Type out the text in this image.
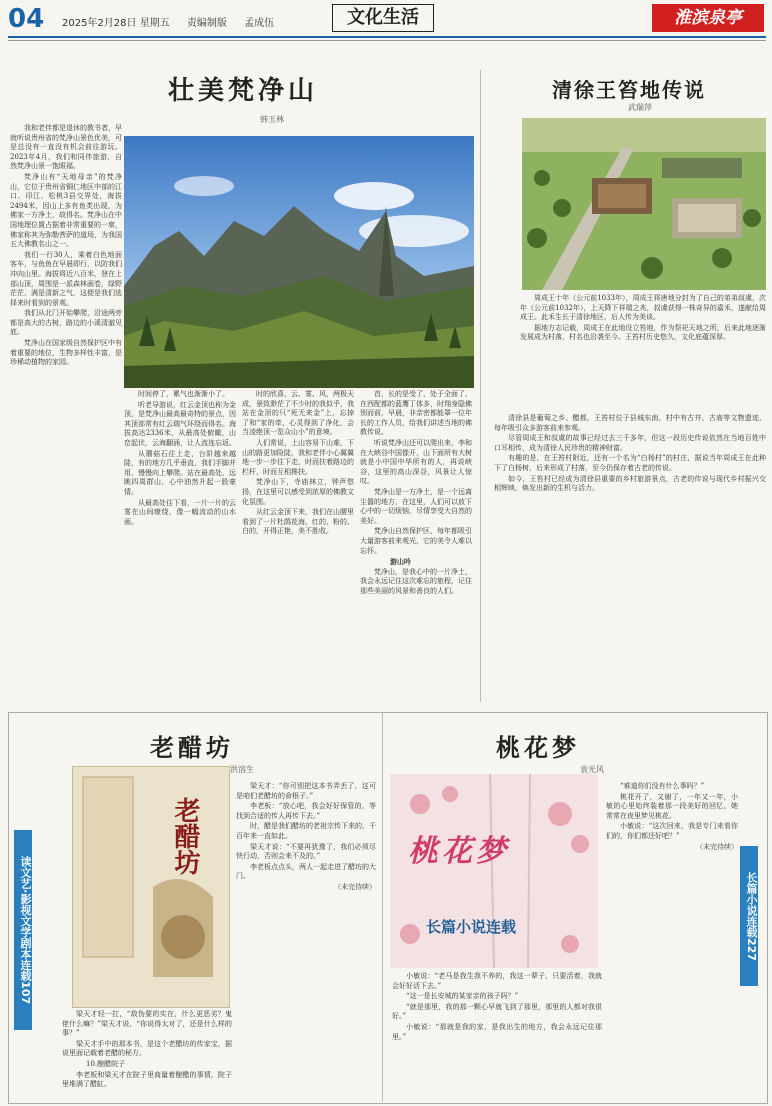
04 2025年2月28日 星期五 责编制版 孟成伍	文化生活	淮滨泉亭
壮美梵净山
韩玉林

我和老伴都是退休的教书者，早就听说贵州省的梵净山景色优美，可是总没有一直没有机会前往游玩。2023年4月，我们和同伴旅游，自然梵净山景一饱眼福。

梵净山有“天地母亲”的梵净山，它位于贵州省铜仁地区中部的江口、印江、松桃3县交界处，海拔2494米，因山上多有鱼类出现，为佛家一方净土，故得名。梵净山在中国地理位置占据着非常重要的一席，佛家称其为弥勒菩萨的道场，为我国五大佛教名山之一。

我们一行30人，乘着白色地面客车，与鱼鱼在早晨即行，以防我们冲向山里。海拔将近八百米，登在上部山顶，周围是一派森林画卷，绿野茫茫，满是清新之气，这便是我们选择来时看到的景观。

我们从北门开始攀爬，沿途两旁都是高大的古树，路边的小溪清澈见底。

梵净山在国家级自然保护区中有着重要的地位，生物多样性丰富，是珍稀动植物的家园。

时间停了，累气也渐渐小了。

听老导游说，红云金顶也称为金顶，是梵净山最高最奇特的景点，因其顶部常有红云瑞气环绕而得名。海拔高达2336米，从最高处俯瞰，山峦起伏，云海翻涌，让人流连忘返。

从蘑菇石往上走，台阶越来越陡，有的地方几乎垂直，我们手脚并用，慢慢向上攀爬。站在最高处，远眺四周群山，心中油然升起一股豪情。

从最高处往下看，一片一片的云雾在山间缭绕，像一幅流动的山水画。

时的欣喜，云、雾、风，两极天成，景致渺茫了不少时的我似乎，我站在金顶的只“死无来金”上，忘掉了和“家的牵，心灵得到了净化，会当凌绝顶一览众山小”的意境。

人们常说，上山容易下山难，下山的路更加险陡，我和老伴小心翼翼地一步一步往下走，时而扶着路边的栏杆，时而互相搀扶。

梵净山下，寺庙林立，钟声悠扬，在这里可以感受到浓厚的佛教文化氛围。

从红云金顶下来，我们在山腰里看到了一片杜鹃花海，红的、粉的、白的，开得正艳，美不胜收。

首，长的是受了，处于全面了，在西配都的蓝鹰丁体多，时翔身隐佛别而前，早晨，非亲密都能罩一位年长的工作人员，给我们讲述当地的佛教传说。

听说梵净山还可以爬出来，李和在大峡谷中国像开，山下面所有大树就是小中国中华所有的人，再说峡谷，这里的高山深谷，风景让人惊叹。

梵净山是一方净土，是一个远离尘嚣的地方，在这里，人们可以放下心中的一切烦恼，尽情享受大自然的美好。

梵净山自然保护区，每年都吸引大量游客前来观光，它的美令人难以忘怀。

游山吟

梵净山，是我心中的一片净土，我会永远记住这次难忘的旅程，记住那些美丽的风景和善良的人们。

清徐王笞地传说
武瑞萍

周成王十年（公元前1033年），周成王将唐地分封为了自己的弟弟叔虞，次年（公元前1032年），上天降下祥瑞之兆，叔虞获得一株奇异的嘉禾，遂献给周成王。此禾生长于清徐地区，后人传为美谈。

据地方志记载，周成王在此地设立笞地，作为祭祀天地之所，后来此地逐渐发展成为村落，村名也沿袭至今。王笞村历史悠久，文化底蕴深厚。

清徐县是葡萄之乡、醋都，王笞村位于县城东南，村中有古井、古庙等文物遗迹，每年吸引众多游客前来参观。

尽管周成王和叔虞的故事已经过去三千多年，但这一段历史传说依然在当地百姓中口耳相传，成为清徐人民珍贵的精神财富。

有趣的是，在王笞村附近，还有一个名为“白杨村”的村庄，据说当年周成王在此种下了白杨树，后来形成了村落，至今仍保存着古老的传说。

如今，王笞村已经成为清徐县重要的乡村旅游景点，古老的传说与现代乡村振兴交相辉映，焕发出新的生机与活力。

老醋坊
洪溶生
读文艺·影视文学剧本连载107
老醋坊

梁天才轻一扛，“敌伪要的实在，什么更恶劣？鬼佬什么嘛？”梁天才说，“你说得太对了，还是什么样的事？”

梁天才手中的那本书，是这个老醋坊的传家宝，据说里面记载着老醋的秘方。

10.酿醋院子

李老板和梁天才在院子里商量着酿醋的事情，院子里堆满了醋缸。

梁天才：“你可别把这本书弄丢了，这可是咱们老醋坊的命根子。”

李老板：“放心吧，我会好好保管的，等找到合适的传人再传下去。”

时，醋是我们醋坊的老祖宗传下来的，千百年来一直如此。

梁天才说：“不要再犹豫了，我们必须尽快行动，否则会来不及的。”

李老板点点头，两人一起走进了醋坊的大门。

（未完待续）

桃花梦
袁光风
长篇小说连载227
桃花梦
长篇小说连载

小敏说：“老马是我生我不养的，我这一辈子，只要活着，我就会好好活下去。”

“这一是长安城的某家亲的孩子吗？”

“就是那里，我的那一颗心早就飞到了那里，那里的人都对我很好。”

小敏说：“那就是我的家，是我出生的地方，我会永远记住那里。”

“难道你们没有什么事吗？”

桃花开了，又谢了，一年又一年，小敏的心里始终装着那一段美好的回忆，她常常在夜里梦见桃花。

小敏说：“这次回来，我是专门来看你们的，你们都还好吧？”

（未完待续）
